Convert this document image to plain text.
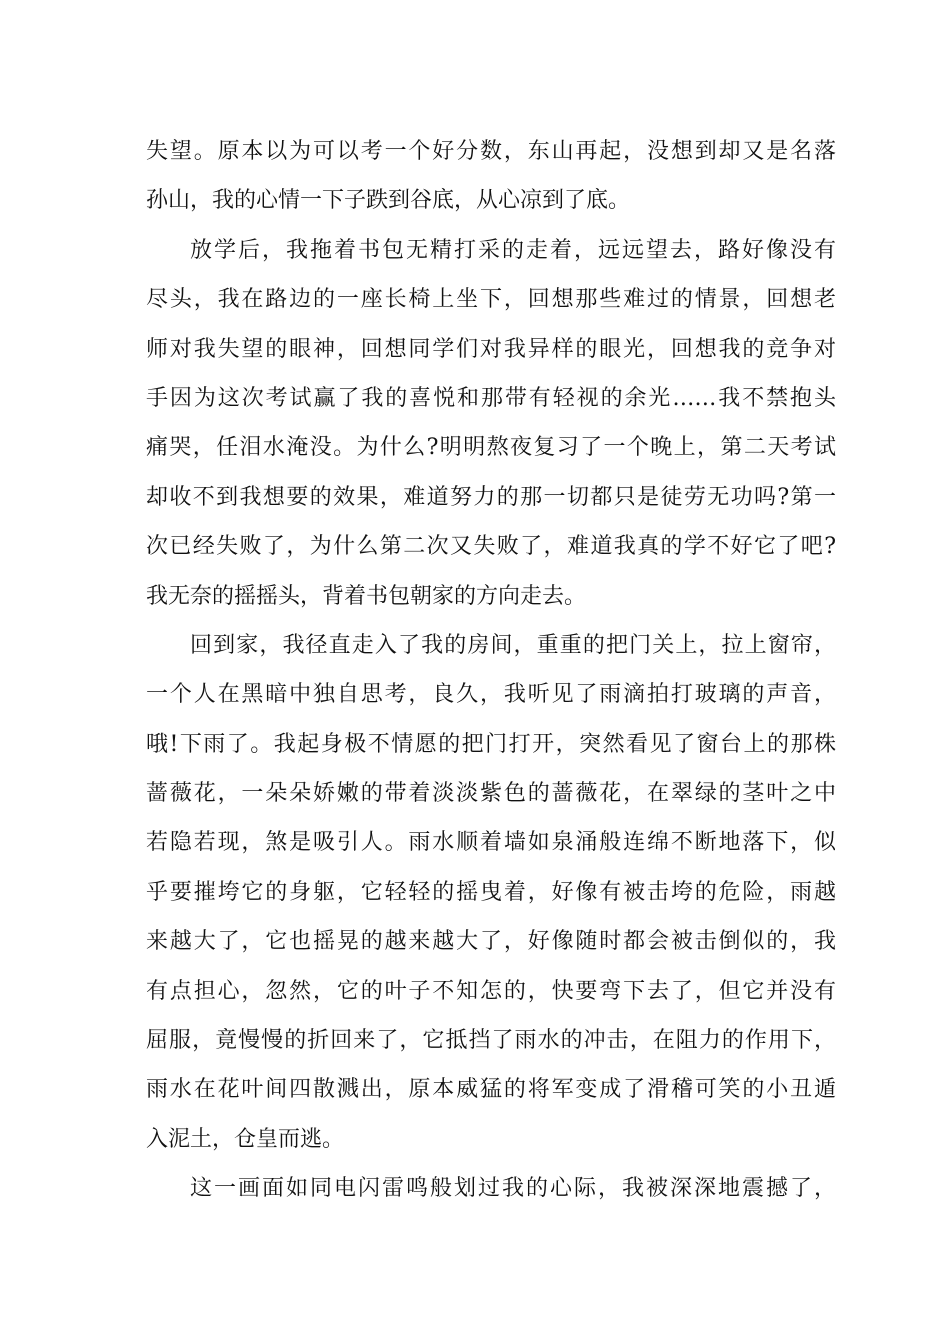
失望。原本以为可以考一个好分数，东山再起，没想到却又是名落
孙山，我的心情一下子跌到谷底，从心凉到了底。
放学后，我拖着书包无精打采的走着，远远望去，路好像没有
尽头，我在路边的一座长椅上坐下，回想那些难过的情景，回想老
师对我失望的眼神，回想同学们对我异样的眼光，回想我的竞争对
手因为这次考试赢了我的喜悦和那带有轻视的余光……我不禁抱头
痛哭，任泪水淹没。为什么?明明熬夜复习了一个晚上，第二天考试
却收不到我想要的效果，难道努力的那一切都只是徒劳无功吗?第一
次已经失败了，为什么第二次又失败了，难道我真的学不好它了吧?
我无奈的摇摇头，背着书包朝家的方向走去。
回到家，我径直走入了我的房间，重重的把门关上，拉上窗帘，
一个人在黑暗中独自思考，良久，我听见了雨滴拍打玻璃的声音，
哦!下雨了。我起身极不情愿的把门打开，突然看见了窗台上的那株
蔷薇花，一朵朵娇嫩的带着淡淡紫色的蔷薇花，在翠绿的茎叶之中
若隐若现，煞是吸引人。雨水顺着墙如泉涌般连绵不断地落下，似
乎要摧垮它的身躯，它轻轻的摇曳着，好像有被击垮的危险，雨越
来越大了，它也摇晃的越来越大了，好像随时都会被击倒似的，我
有点担心，忽然，它的叶子不知怎的，快要弯下去了，但它并没有
屈服，竟慢慢的折回来了，它抵挡了雨水的冲击，在阻力的作用下，
雨水在花叶间四散溅出，原本威猛的将军变成了滑稽可笑的小丑遁
入泥土，仓皇而逃。
这一画面如同电闪雷鸣般划过我的心际，我被深深地震撼了，
